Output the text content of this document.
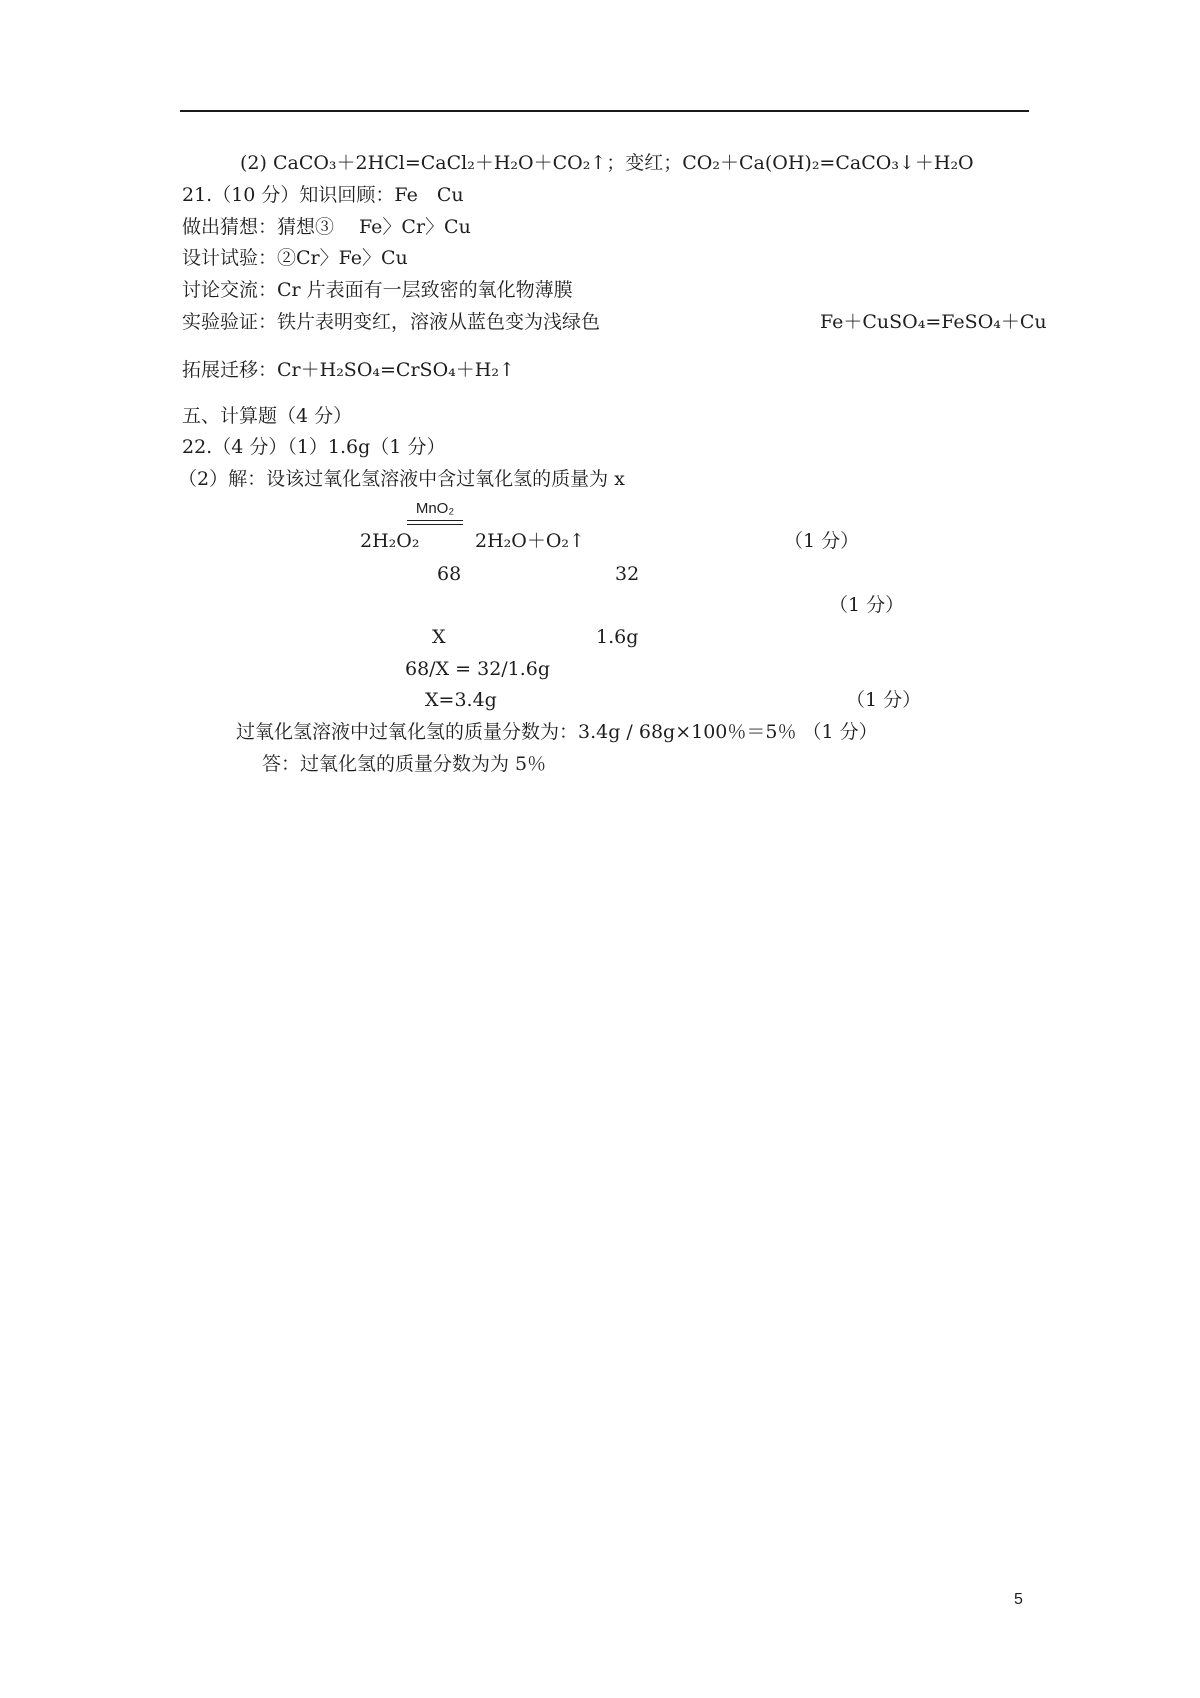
(2) CaCO₃＋2HCl=CaCl₂＋H₂O＋CO₂↑；变红；CO₂＋Ca(OH)₂=CaCO₃↓＋H₂O
21.（10 分）知识回顾：Fe　Cu
做出猜想：猜想③　 Fe〉Cr〉Cu
设计试验：②Cr〉Fe〉Cu
讨论交流：Cr 片表面有一层致密的氧化物薄膜
实验验证：铁片表明变红，溶液从蓝色变为浅绿色	Fe＋CuSO₄=FeSO₄＋Cu
拓展迁移：Cr＋H₂SO₄=CrSO₄＋H₂↑
五、计算题（4 分）
22.（4 分）（1）1.6g（1 分）
（2）解：设该过氧化氢溶液中含过氧化氢的质量为 x
MnO₂
2H₂O₂	2H₂O＋O₂↑	（1 分）
68	32
（1 分）
X	1.6g
68/X = 32/1.6g
X=3.4g	（1 分）
过氧化氢溶液中过氧化氢的质量分数为：3.4g / 68g×100％＝5％ （1 分）
答：过氧化氢的质量分数为为 5％
5
